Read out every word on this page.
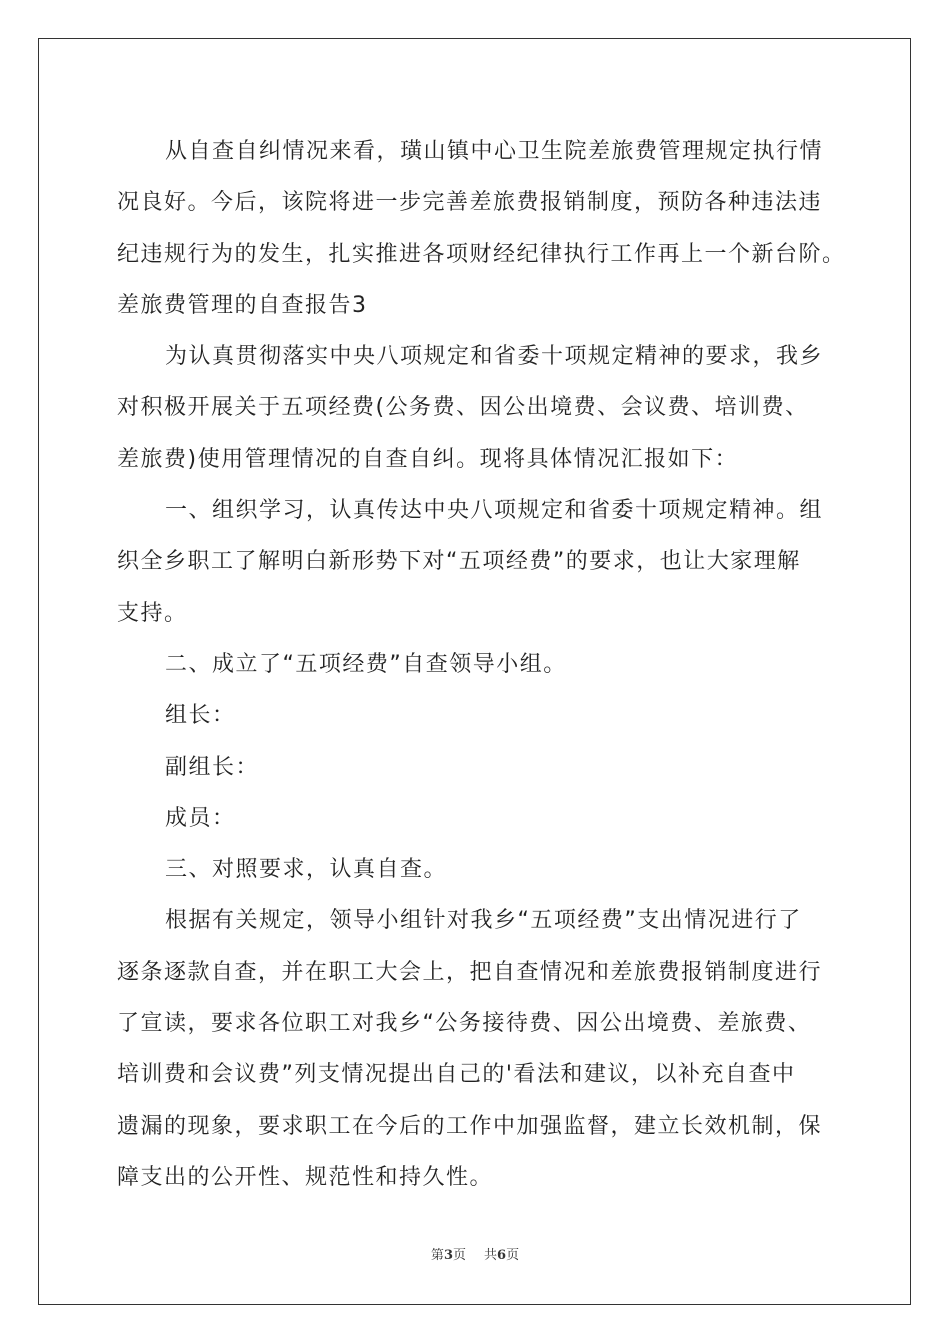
从自查自纠情况来看，璜山镇中心卫生院差旅费管理规定执行情
况良好。今后，该院将进一步完善差旅费报销制度，预防各种违法违
纪违规行为的发生，扎实推进各项财经纪律执行工作再上一个新台阶。
差旅费管理的自查报告3
为认真贯彻落实中央八项规定和省委十项规定精神的要求，我乡
对积极开展关于五项经费(公务费、因公出境费、会议费、培训费、
差旅费)使用管理情况的自查自纠。现将具体情况汇报如下：
一、组织学习，认真传达中央八项规定和省委十项规定精神。组
织全乡职工了解明白新形势下对“五项经费”的要求，也让大家理解
支持。
二、成立了“五项经费”自查领导小组。
组长：
副组长：
成员：
三、对照要求，认真自查。
根据有关规定，领导小组针对我乡“五项经费”支出情况进行了
逐条逐款自查，并在职工大会上，把自查情况和差旅费报销制度进行
了宣读，要求各位职工对我乡“公务接待费、因公出境费、差旅费、
培训费和会议费”列支情况提出自己的'看法和建议，以补充自查中
遗漏的现象，要求职工在今后的工作中加强监督，建立长效机制，保
障支出的公开性、规范性和持久性。
第3页 共6页
